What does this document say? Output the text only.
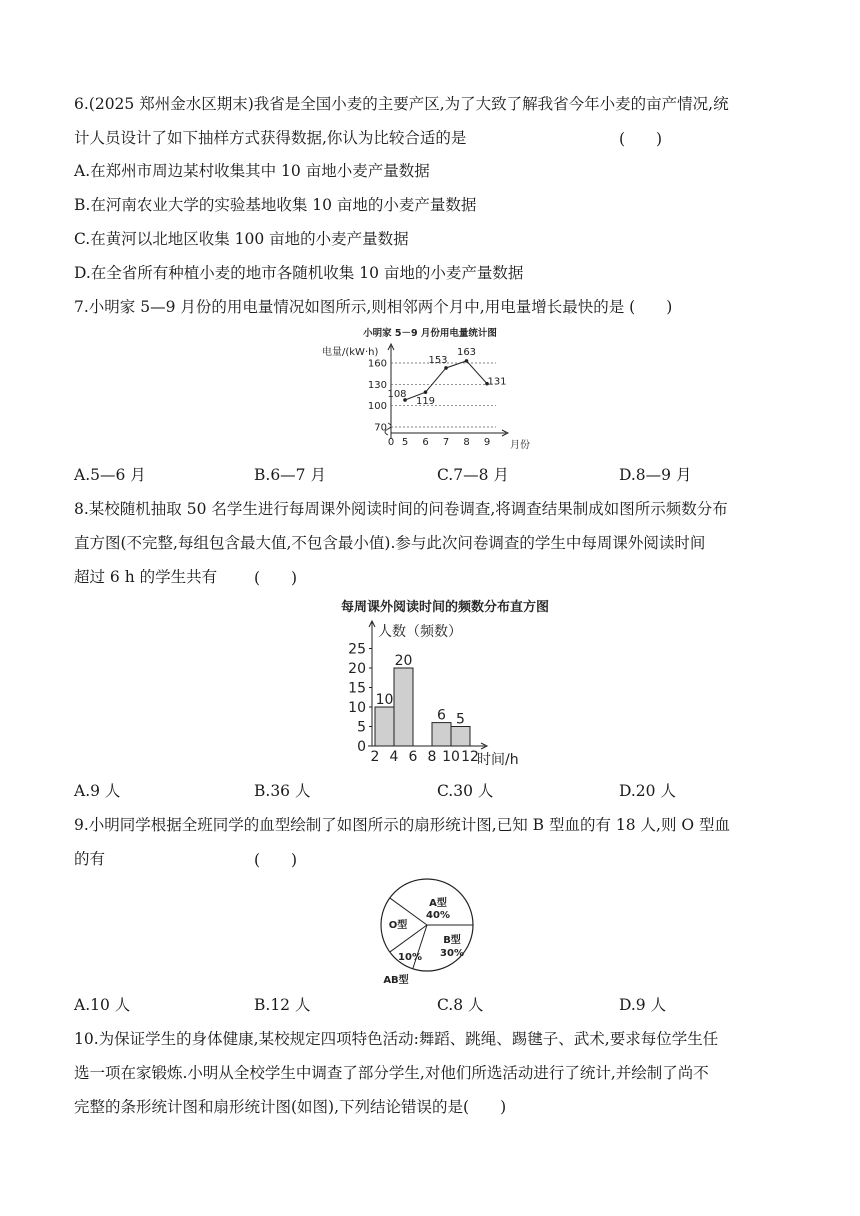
6.(2025 郑州金水区期末)我省是全国小麦的主要产区,为了大致了解我省今年小麦的亩产情况,统
计人员设计了如下抽样方式获得数据,你认为比较合适的是	(　　)
A.在郑州市周边某村收集其中 10 亩地小麦产量数据
B.在河南农业大学的实验基地收集 10 亩地的小麦产量数据
C.在黄河以北地区收集 100 亩地的小麦产量数据
D.在全省所有种植小麦的地市各随机收集 10 亩地的小麦产量数据
7.小明家 5—9 月份的用电量情况如图所示,则相邻两个月中,用电量增长最快的是 (　　)
小明家 5－9 月份用电量统计图
电量/(kW·h)
70
100
130
160
0 5 6 7 8 9 月份
108
119
153
163
131
A.5—6 月	B.6—7 月	C.7—8 月	D.8—9 月
8.某校随机抽取 50 名学生进行每周课外阅读时间的问卷调查,将调查结果制成如图所示频数分布
直方图(不完整,每组包含最大值,不包含最小值).参与此次问卷调查的学生中每周课外阅读时间
超过 6 h 的学生共有 (　　)
每周课外阅读时间的频数分布直方图
人数（频数）
0
5
10
15
20
25
2 4 6 8 10 12
时间/h
10
20
6 5
A.9 人	B.36 人	C.30 人	D.20 人
9.小明同学根据全班同学的血型绘制了如图所示的扇形统计图,已知 B 型血的有 18 人,则 O 型血
的有	(　　)
A型
40%
B型
30%
10%
AB型
O型
A.10 人	B.12 人	C.8 人	D.9 人
10.为保证学生的身体健康,某校规定四项特色活动:舞蹈、跳绳、踢毽子、武术,要求每位学生任
选一项在家锻炼.小明从全校学生中调查了部分学生,对他们所选活动进行了统计,并绘制了尚不
完整的条形统计图和扇形统计图(如图),下列结论错误的是(　　)
